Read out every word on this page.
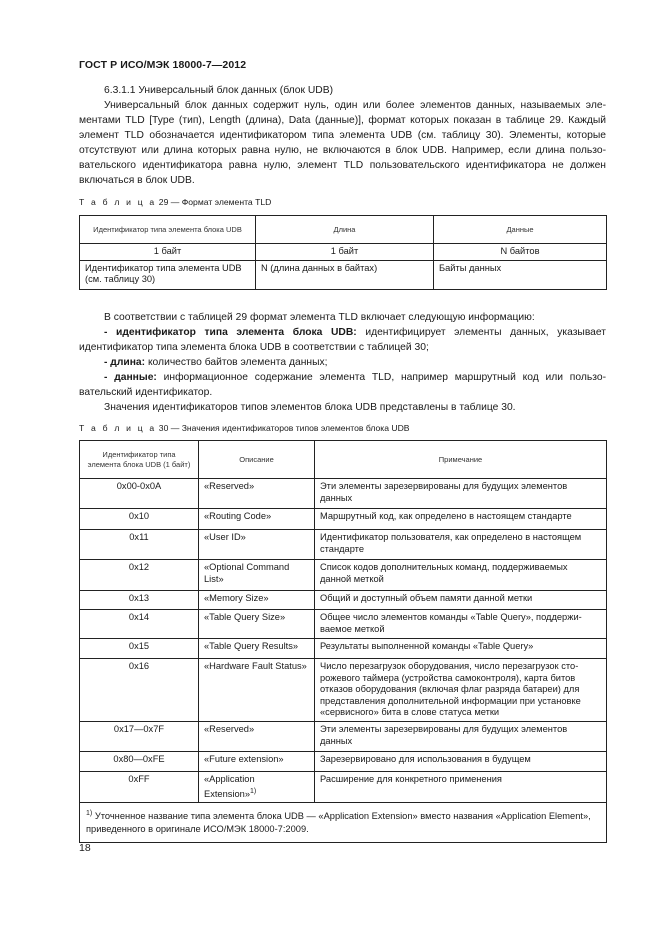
ГОСТ Р ИСО/МЭК 18000-7—2012
6.3.1.1 Универсальный блок данных (блок UDB)
Универсальный блок данных содержит нуль, один или более элементов данных, называемых элементами TLD [Type (тип), Length (длина), Data (данные)], формат которых показан в таблице 29. Каждый элемент TLD обозначается идентификатором типа элемента UDB (см. таблицу 30). Элементы, которые отсутствуют или длина которых равна нулю, не включаются в блок UDB. Например, если длина пользовательского идентификатора равна нулю, элемент TLD пользовательского идентификатора не должен включаться в блок UDB.
Т а б л и ц а 29 — Формат элемента TLD
Идентификатор типа элемента блока UDB	Длина	Данные
1 байт	1 байт	N байтов
Идентификатор типа элемента UDB (см. таблицу 30)	N (длина данных в байтах)	Байты данных
В соответствии с таблицей 29 формат элемента TLD включает следующую информацию:
- идентификатор типа элемента блока UDB: идентифицирует элементы данных, указывает идентификатор типа элемента блока UDB в соответствии с таблицей 30;
- длина: количество байтов элемента данных;
- данные: информационное содержание элемента TLD, например маршрутный код или пользовательский идентификатор.
Значения идентификаторов типов элементов блока UDB представлены в таблице 30.
Т а б л и ц а 30 — Значения идентификаторов типов элементов блока UDB
Идентификатор типа элемента блока UDB (1 байт)	Описание	Примечание
0x00-0x0A	«Reserved»	Эти элементы зарезервированы для будущих элементов данных
0x10	«Routing Code»	Маршрутный код, как определено в настоящем стандарте
0x11	«User ID»	Идентификатор пользователя, как определено в настоящем стандарте
0x12	«Optional Command List»	Список кодов дополнительных команд, поддерживаемых данной меткой
0x13	«Memory Size»	Общий и доступный объем памяти данной метки
0x14	«Table Query Size»	Общее число элементов команды «Table Query», поддерживаемое меткой
0x15	«Table Query Results»	Результаты выполненной команды «Table Query»
0x16	«Hardware Fault Status»	Число перезагрузок оборудования, число перезагрузок сторожевого таймера (устройства самоконтроля), карта битов отказов оборудования (включая флаг разряда батареи) для представления дополнительной информации при установке «сервисного» бита в слове статуса метки
0x17—0x7F	«Reserved»	Эти элементы зарезервированы для будущих элементов данных
0x80—0xFE	«Future extension»	Зарезервировано для использования в будущем
0xFF	«Application Extension»$^{1)}$	Расширение для конкретного применения
$^{1)}$ Уточненное название типа элемента блока UDB — «Application Extension» вместо названия «Application Element», приведенного в оригинале ИСО/МЭК 18000-7:2009.		
18
